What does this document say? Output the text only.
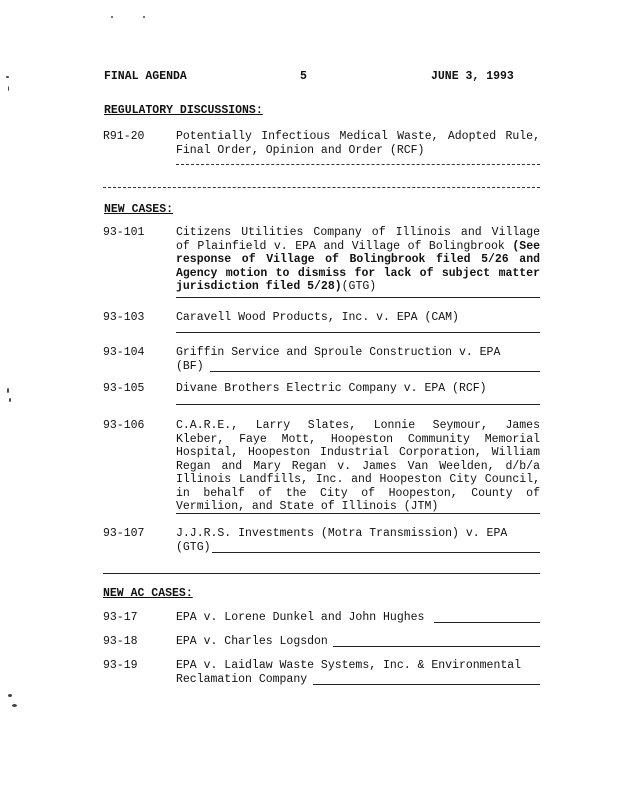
FINAL AGENDA	5	JUNE 3, 1993
REGULATORY DISCUSSIONS:
R91-20	Potentially Infectious Medical Waste, Adopted Rule, Final Order, Opinion and Order (RCF)
NEW CASES:
93-101	Citizens Utilities Company of Illinois and Village of Plainfield v. EPA and Village of Bolingbrook (See response of Village of Bolingbrook filed 5/26 and Agency motion to dismiss for lack of subject matter jurisdiction filed 5/28)(GTG)
93-103	Caravell Wood Products, Inc. v. EPA (CAM)
93-104	Griffin Service and Sproule Construction v. EPA
(BF)
93-105	Divane Brothers Electric Company v. EPA (RCF)
93-106	C.A.R.E., Larry Slates, Lonnie Seymour, James Kleber, Faye Mott, Hoopeston Community Memorial Hospital, Hoopeston Industrial Corporation, William Regan and Mary Regan v. James Van Weelden, d/b/a Illinois Landfills, Inc. and Hoopeston City Council, in behalf of the City of Hoopeston, County of Vermilion, and State of Illinois (JTM)
93-107	J.J.R.S. Investments (Motra Transmission) v. EPA
(GTG)
NEW AC CASES:
93-17	EPA v. Lorene Dunkel and John Hughes
93-18	EPA v. Charles Logsdon
93-19	EPA v. Laidlaw Waste Systems, Inc. & Environmental
Reclamation Company
